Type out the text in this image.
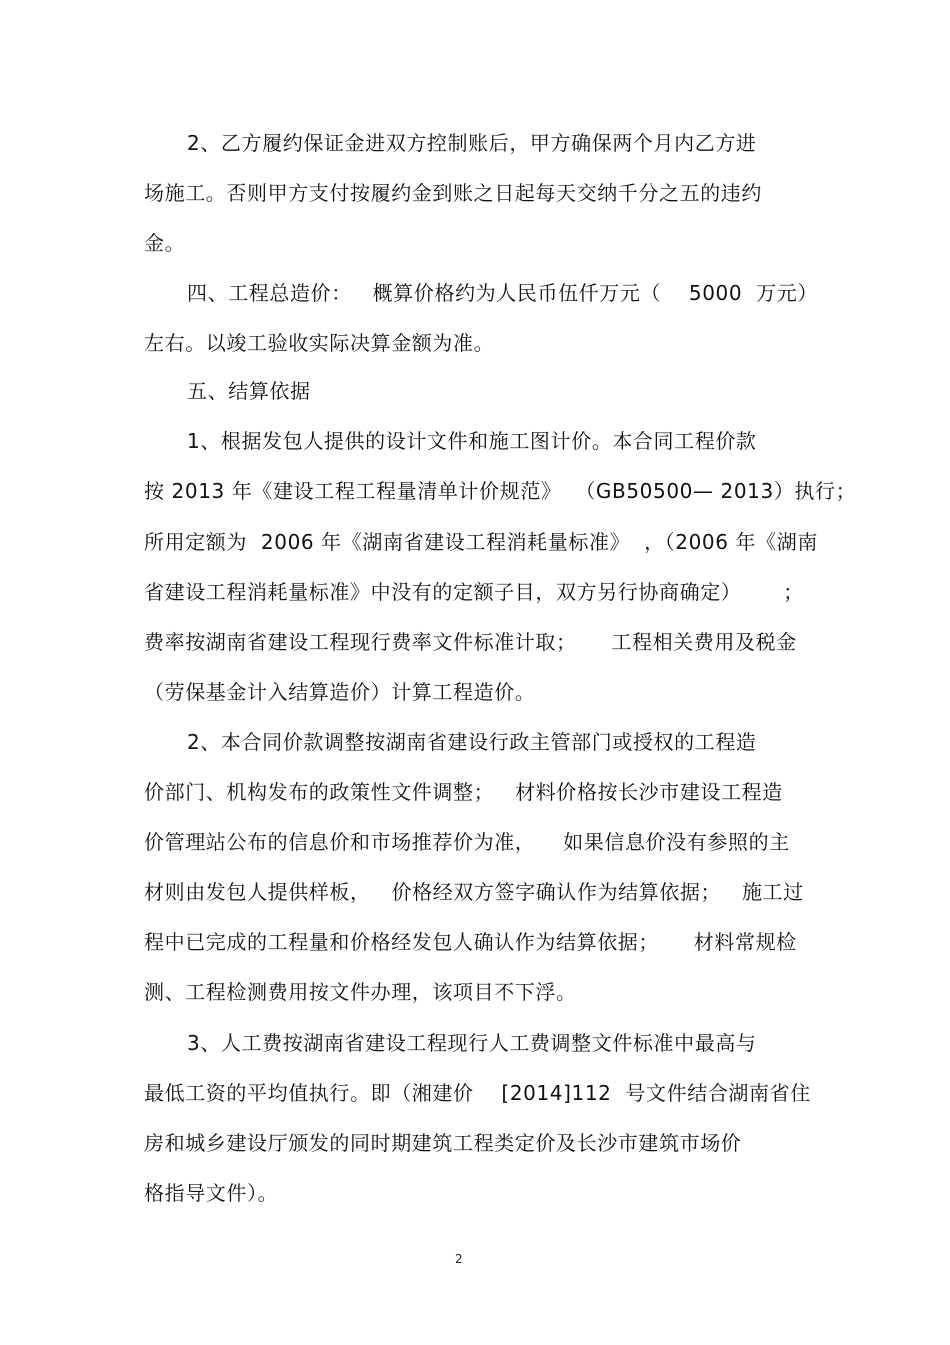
2、乙方履约保证金进双方控制账后，甲方确保两个月内乙方进
场施工。否则甲方支付按履约金到账之日起每天交纳千分之五的违约
金。
四、工程总造价：   概算价格约为人民币伍仟万元（    5000  万元）
左右。以竣工验收实际决算金额为准。
五、结算依据
1、根据发包人提供的设计文件和施工图计价。本合同工程价款
按 2013 年《建设工程工程量清单计价规范》  （GB50500— 2013）执行；
所用定额为  2006 年《湖南省建设工程消耗量标准》  ，（2006 年《湖南
省建设工程消耗量标准》中没有的定额子目，双方另行协商确定）      ；
费率按湖南省建设工程现行费率文件标准计取；     工程相关费用及税金
（劳保基金计入结算造价）计算工程造价。
2、本合同价款调整按湖南省建设行政主管部门或授权的工程造
价部门、机构发布的政策性文件调整；   材料价格按长沙市建设工程造
价管理站公布的信息价和市场推荐价为准，    如果信息价没有参照的主
材则由发包人提供样板，   价格经双方签字确认作为结算依据；   施工过
程中已完成的工程量和价格经发包人确认作为结算依据；     材料常规检
测、工程检测费用按文件办理，该项目不下浮。
3、人工费按湖南省建设工程现行人工费调整文件标准中最高与
最低工资的平均值执行。即（湘建价    [2014]112  号文件结合湖南省住
房和城乡建设厅颁发的同时期建筑工程类定价及长沙市建筑市场价
格指导文件）。
2
